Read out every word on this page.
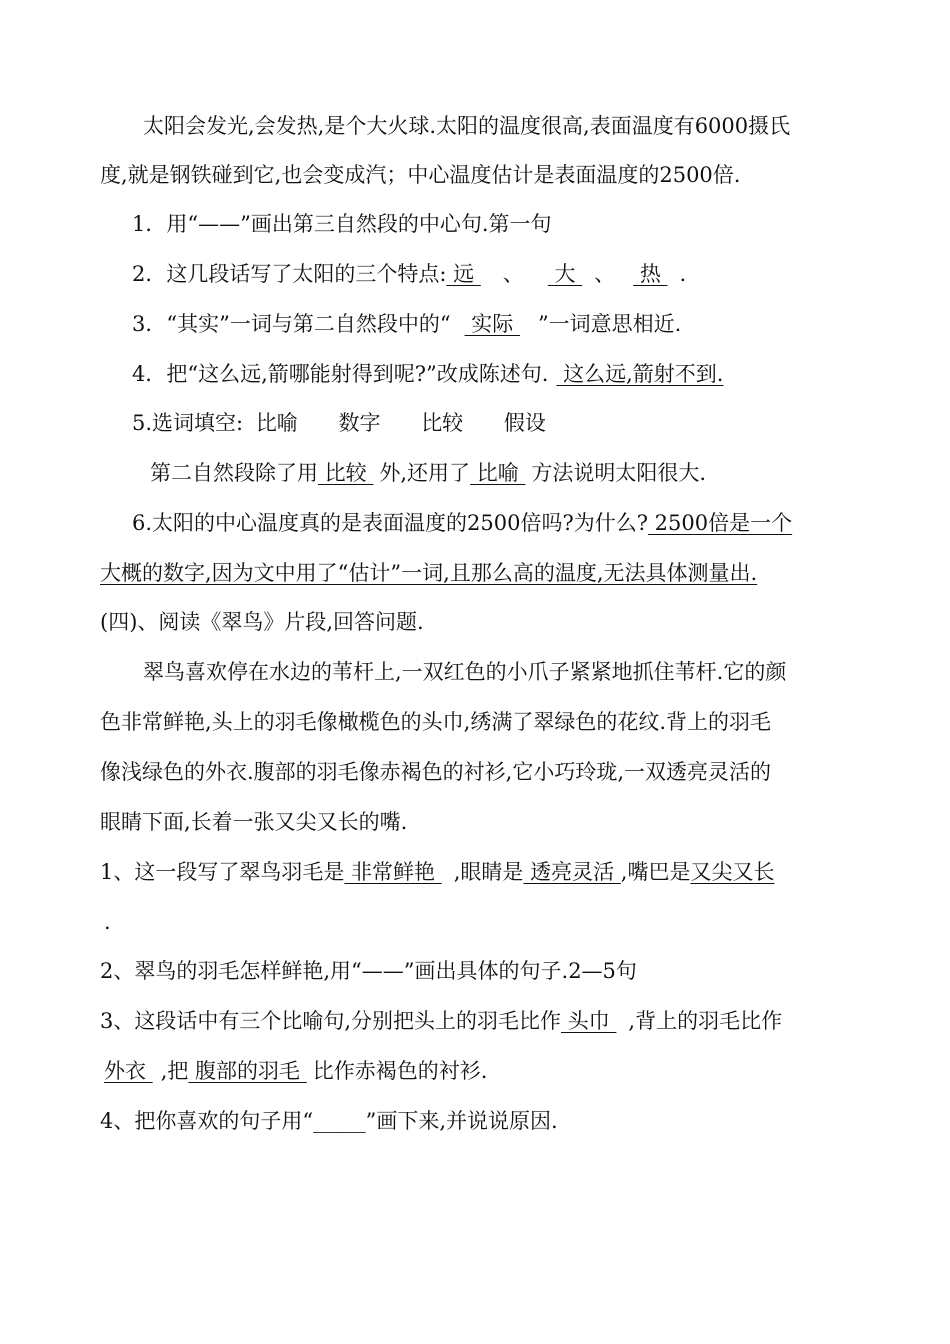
太阳会发光,会发热,是个大火球.太阳的温度很高,表面温度有6000摄氏
度,就是钢铁碰到它,也会变成汽；中心温度估计是表面温度的2500倍.
1．用“——”画出第三自然段的中心句.第一句
2．这几段话写了太阳的三个特点: 远 、 大 、 热 .
3．“其实”一词与第二自然段中的“ 实际 ”一词意思相近.
4．把“这么远,箭哪能射得到呢?”改成陈述句. 这么远,箭射不到.
5.选词填空: 比喻 数字 比较 假设
第二自然段除了用 比较 外,还用了 比喻 方法说明太阳很大.
6.太阳的中心温度真的是表面温度的2500倍吗?为什么? 2500倍是一个
大概的数字,因为文中用了“估计”一词,且那么高的温度,无法具体测量出.
(四)、阅读《翠鸟》片段,回答问题.
翠鸟喜欢停在水边的苇杆上,一双红色的小爪子紧紧地抓住苇杆.它的颜
色非常鲜艳,头上的羽毛像橄榄色的头巾,绣满了翠绿色的花纹.背上的羽毛
像浅绿色的外衣.腹部的羽毛像赤褐色的衬衫,它小巧玲珑,一双透亮灵活的
眼睛下面,长着一张又尖又长的嘴.
1、这一段写了翠鸟羽毛是 非常鲜艳 ,眼睛是 透亮灵活 ,嘴巴是又尖又长
.
2、翠鸟的羽毛怎样鲜艳,用“——”画出具体的句子.2—5句
3、这段话中有三个比喻句,分别把头上的羽毛比作 头巾 ,背上的羽毛比作
外衣 ,把 腹部的羽毛 比作赤褐色的衬衫.
4、把你喜欢的句子用“_____”画下来,并说说原因.
